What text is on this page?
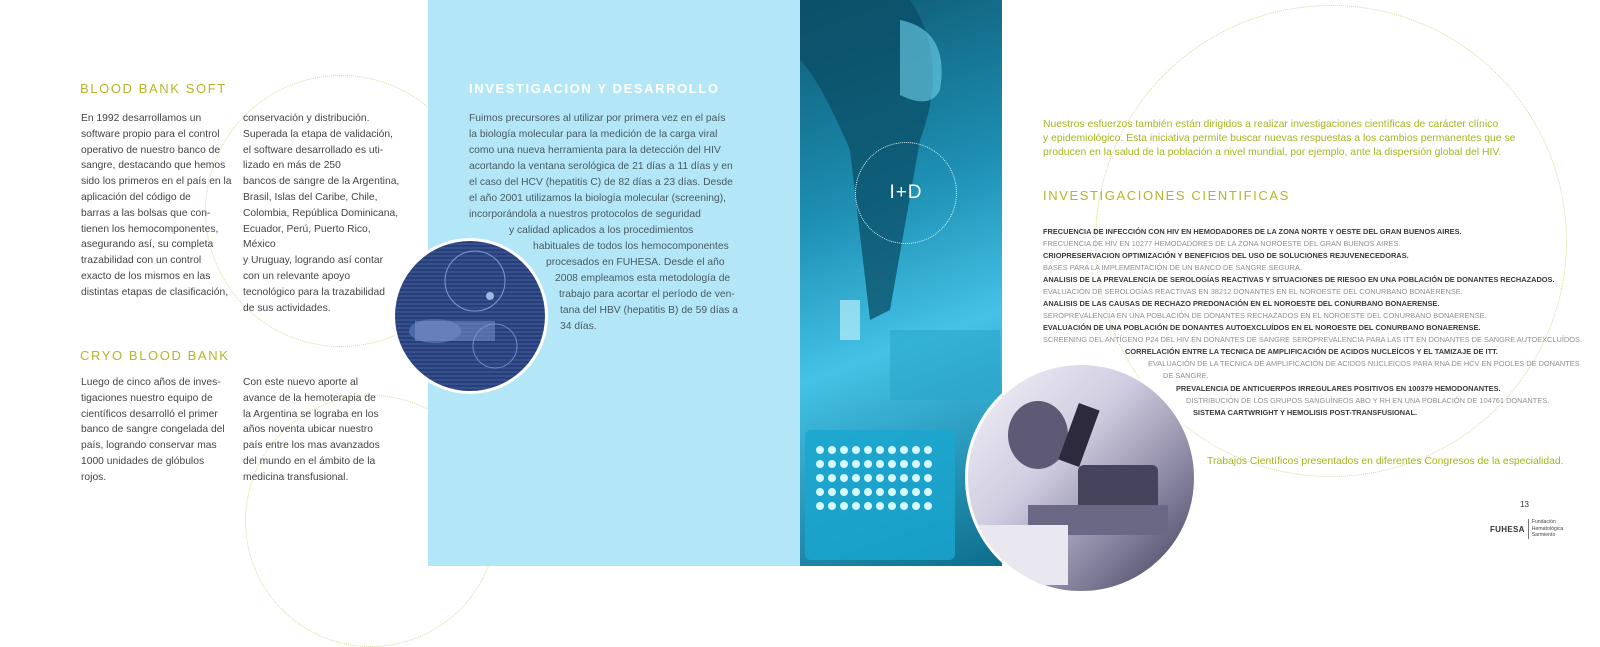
BLOOD BANK SOFT

En 1992 desarrollamos un
software propio para el control
operativo de nuestro banco de
sangre, destacando que hemos
sido los primeros en el país en la
aplicación del código de
barras a las bolsas que con-
tienen los hemocomponentes,
asegurando así, su completa
trazabilidad con un control
exacto de los mismos en las
distintas etapas de clasificación,

conservación y distribución.
Superada la etapa de validación,
el software desarrollado es uti-
lizado en más de 250
bancos de sangre de la Argentina,
Brasil, Islas del Caribe, Chile,
Colombia, República Dominicana,
Ecuador, Perú, Puerto Rico, México
y Uruguay, logrando así contar
con un relevante apoyo
tecnológico para la trazabilidad
de sus actividades.

CRYO BLOOD BANK

Luego de cinco años de inves-
tigaciones nuestro equipo de
científicos desarrolló el primer
banco de sangre congelada del
país, logrando conservar mas
1000 unidades de glóbulos
rojos.

Con este nuevo aporte al
avance de la hemoterapia de
la Argentina se lograba en los
años noventa ubicar nuestro
país entre los mas avanzados
del mundo en el ámbito de la
medicina transfusional.

INVESTIGACION Y DESARROLLO
Fuimos precursores al utilizar por primera vez en el país
la biología molecular para la medición de la carga viral
como una nueva herramienta para la detección del HIV
acortando la ventana serológica de 21 días a 11 días y en
el caso del HCV (hepatitis C) de 82 días a 23 días. Desde
el año 2001 utilizamos la biología molecular (screening),
incorporándola a nuestros protocolos de seguridad
y calidad aplicados a los procedimientos
habituales de todos los hemocomponentes
procesados en FUHESA. Desde el año
2008 empleamos esta metodología de
trabajo para acortar el período de ven-
tana del HBV (hepatitis B) de 59 días a
34 días.
I+D

Nuestros esfuerzos también están dirigidos a realizar investigaciones científicas de carácter clínico
y epidemiológico. Esta iniciativa permite buscar nuevas respuestas a los cambios permanentes que se
producen en la salud de la población a nivel mundial, por ejemplo, ante la dispersión global del HIV.

INVESTIGACIONES CIENTIFICAS
FRECUENCIA DE INFECCIÓN CON HIV EN HEMODADORES DE LA ZONA NORTE Y OESTE DEL GRAN BUENOS AIRES.
FRECUENCIA DE HIV EN 10277 HEMODADORES DE LA ZONA NOROESTE DEL GRAN BUENOS AIRES.
CRIOPRESERVACION OPTIMIZACIÓN Y BENEFICIOS DEL USO DE SOLUCIONES REJUVENECEDORAS.
BASES PARA LA IMPLEMENTACIÓN DE UN BANCO DE SANGRE SEGURA.
ANALISIS DE LA PREVALENCIA DE SEROLOGÍAS REACTIVAS Y SITUACIONES DE RIESGO EN UNA POBLACIÓN DE DONANTES RECHAZADOS.
EVALUACIÓN DE SEROLOGÍAS REACTIVAS EN 38212 DONANTES EN EL NOROESTE DEL CONURBANO BONAERENSE.
ANALISIS DE LAS CAUSAS DE RECHAZO PREDONACIÓN EN EL NOROESTE DEL CONURBANO BONAERENSE.
SEROPREVALENCIA EN UNA POBLACIÓN DE DONANTES RECHAZADOS EN EL NOROESTE DEL CONURBANO BONAERENSE.
EVALUACIÓN DE UNA POBLACIÓN DE DONANTES AUTOEXCLUÍDOS EN EL NOROESTE DEL CONURBANO BONAERENSE.
SCREENING DEL ANTÍGENO P24 DEL HIV EN DONANTES DE SANGRE SEROPREVALENCIA PARA LAS ITT EN DONANTES DE SANGRE AUTOEXCLUÍDOS.
CORRELACIÓN ENTRE LA TECNICA DE AMPLIFICACIÓN DE ACIDOS NUCLEÍCOS Y EL TAMIZAJE DE ITT.
EVALUACIÓN DE LA TECNICA DE AMPLIFICACIÓN DE ACIDOS NUCLEICOS PARA RNA DE HCV EN POOLES DE DONANTES
DE SANGRE.
PREVALENCIA DE ANTICUERPOS IRREGULARES POSITIVOS EN 100379 HEMODONANTES.
DISTRIBUCIÓN DE LOS GRUPOS SANGUÍNEOS ABO Y RH EN UNA POBLACIÓN DE 104761 DONANTES.
SISTEMA CARTWRIGHT Y HEMOLISIS POST-TRANSFUSIONAL.
Trabajos Científicos presentados en diferentes Congresos de la especialidad.
13
FUHESA
Fundación
Hematológica
Sarmiento
